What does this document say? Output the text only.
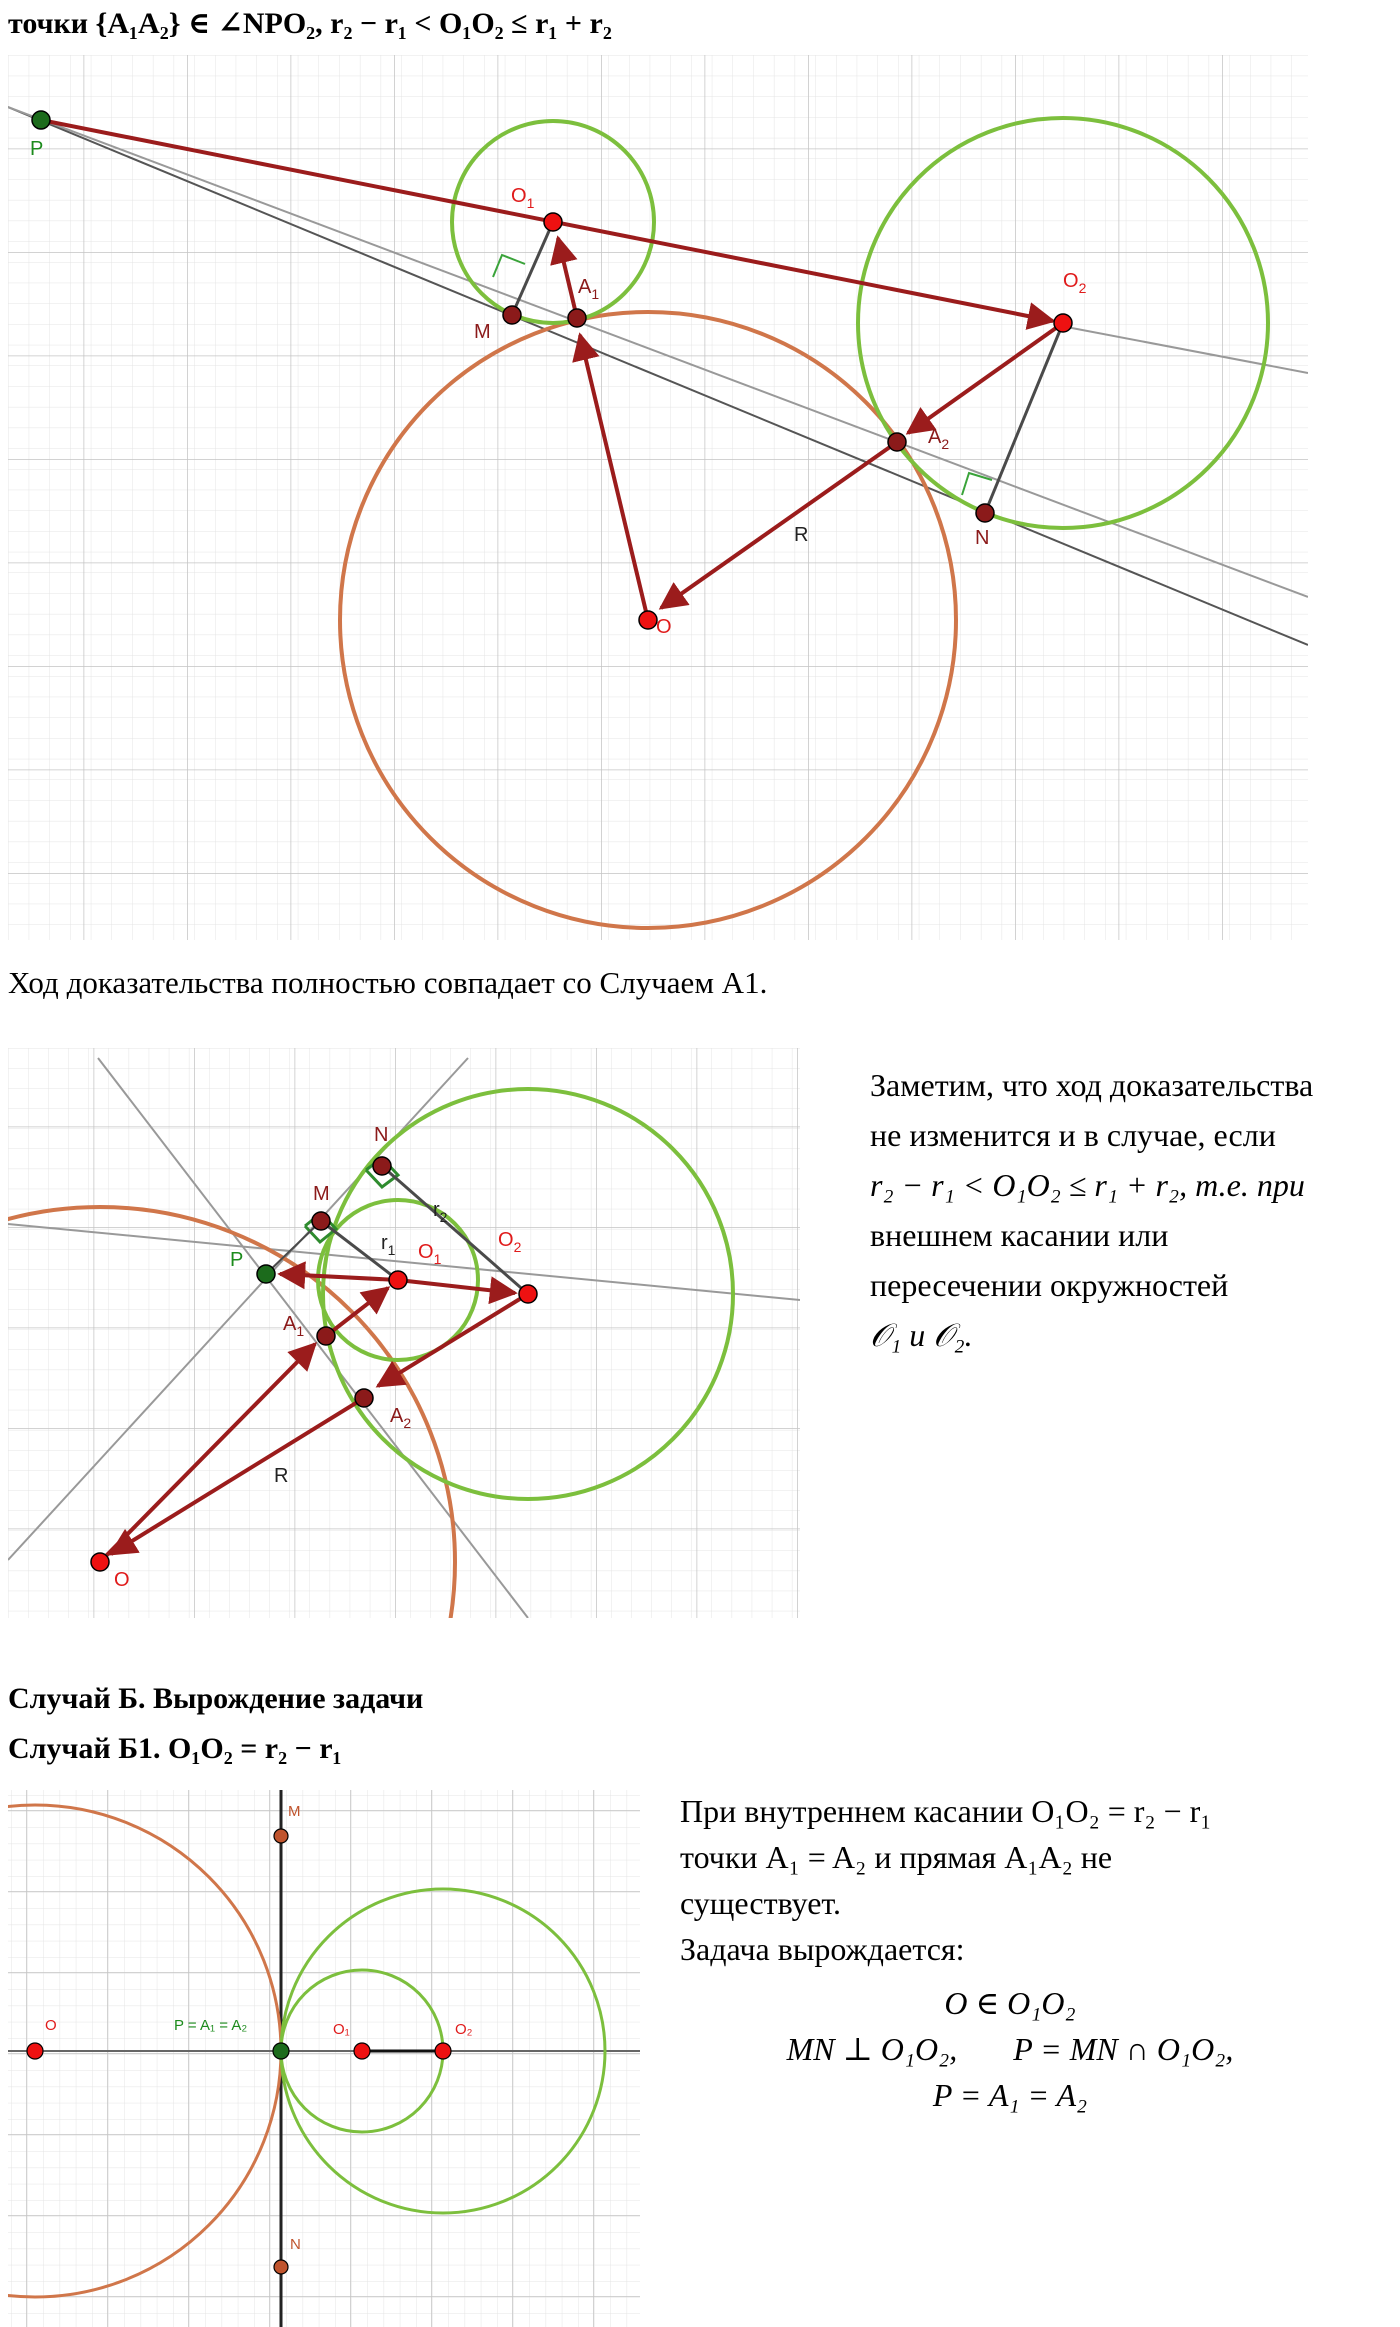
точки {A₁A₂} ∈ ∠NPO₂, r₂ − r₁ < O₁O₂ ≤ r₁ + r₂
P
$O_1$
$O_2$
M
$A_1$
$A_2$
N
O
R
Ход доказательства полностью совпадает со Случаем А1.
N
M
P
$r_1$
$r_2$
$O_1$
$O_2$
$A_1$
$A_2$
R
O
Заметим, что ход доказательства
не изменится и в случае, если
r₂ − r₁ < O₁O₂ ≤ r₁ + r₂, т.е. при
внешнем касании или
пересечении окружностей
𝒪₁ и 𝒪₂.
Случай Б. Вырождение задачи
Случай Б1. O₁O₂ = r₂ − r₁
M
O	P = A₁ = A₂	O₁	O₂
N
При внутреннем касании O₁O₂ = r₂ − r₁
точки A₁ = A₂ и прямая A₁A₂ не
существует.
Задача вырождается:
O ∈ O₁O₂
MN ⊥ O₁O₂,       P = MN ∩ O₁O₂,
P = A₁ = A₂
